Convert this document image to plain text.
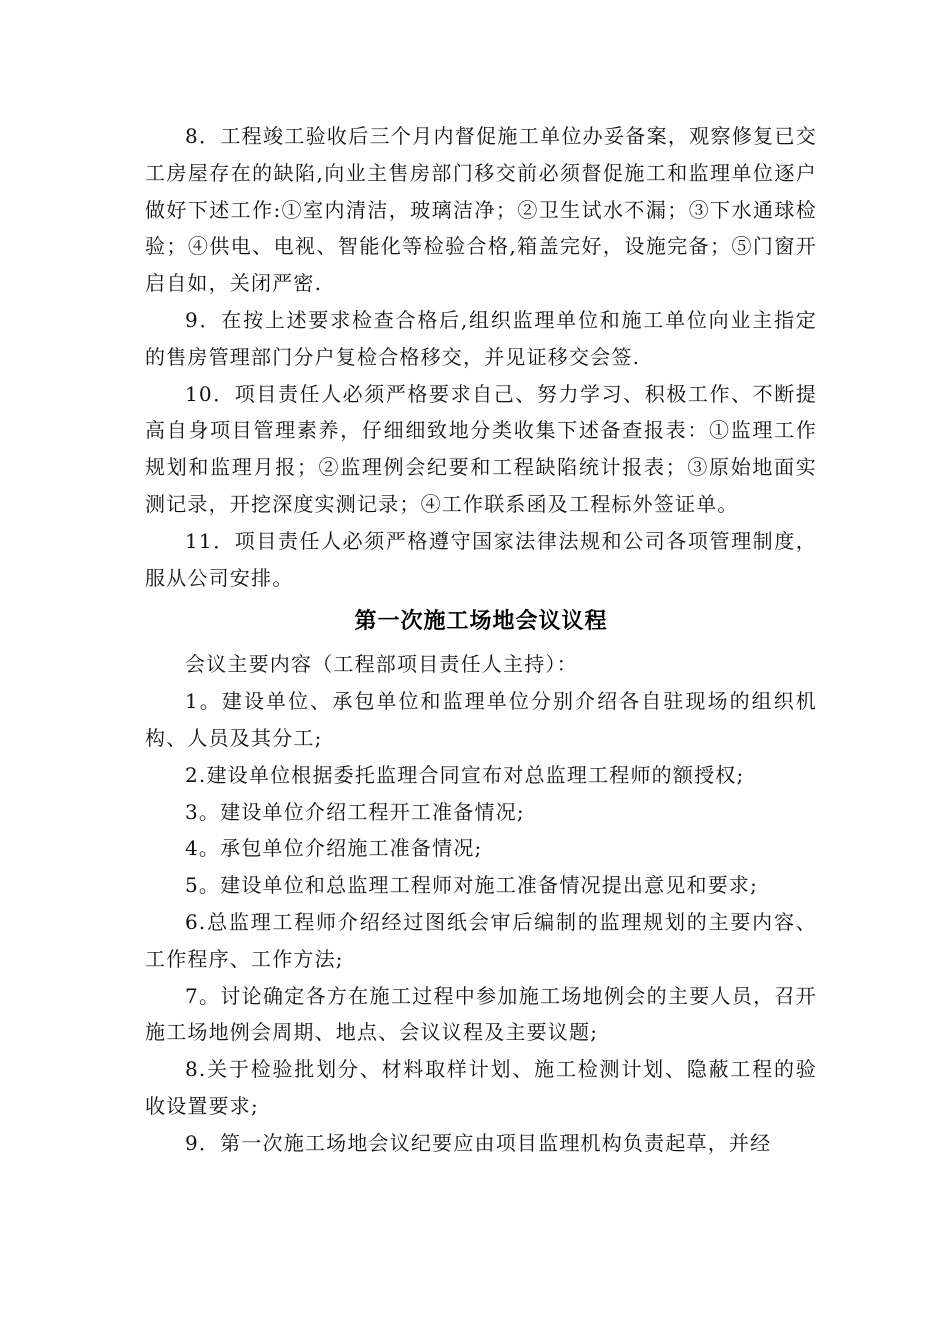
8．工程竣工验收后三个月内督促施工单位办妥备案，观察修复已交工房屋存在的缺陷,向业主售房部门移交前必须督促施工和监理单位逐户做好下述工作:①室内清洁，玻璃洁净；②卫生试水不漏；③下水通球检验；④供电、电视、智能化等检验合格,箱盖完好，设施完备；⑤门窗开启自如，关闭严密.

9．在按上述要求检查合格后,组织监理单位和施工单位向业主指定的售房管理部门分户复检合格移交，并见证移交会签.

10．项目责任人必须严格要求自己、努力学习、积极工作、不断提高自身项目管理素养，仔细细致地分类收集下述备查报表：①监理工作规划和监理月报；②监理例会纪要和工程缺陷统计报表；③原始地面实测记录，开挖深度实测记录；④工作联系函及工程标外签证单。

11．项目责任人必须严格遵守国家法律法规和公司各项管理制度，服从公司安排。

第一次施工场地会议议程

会议主要内容（工程部项目责任人主持）：

1。建设单位、承包单位和监理单位分别介绍各自驻现场的组织机构、人员及其分工;

2.建设单位根据委托监理合同宣布对总监理工程师的额授权;

3。建设单位介绍工程开工准备情况;

4。承包单位介绍施工准备情况;

5。建设单位和总监理工程师对施工准备情况提出意见和要求;

6.总监理工程师介绍经过图纸会审后编制的监理规划的主要内容、工作程序、工作方法;

7。讨论确定各方在施工过程中参加施工场地例会的主要人员，召开施工场地例会周期、地点、会议议程及主要议题;

8.关于检验批划分、材料取样计划、施工检测计划、隐蔽工程的验收设置要求;

9．第一次施工场地会议纪要应由项目监理机构负责起草，并经
